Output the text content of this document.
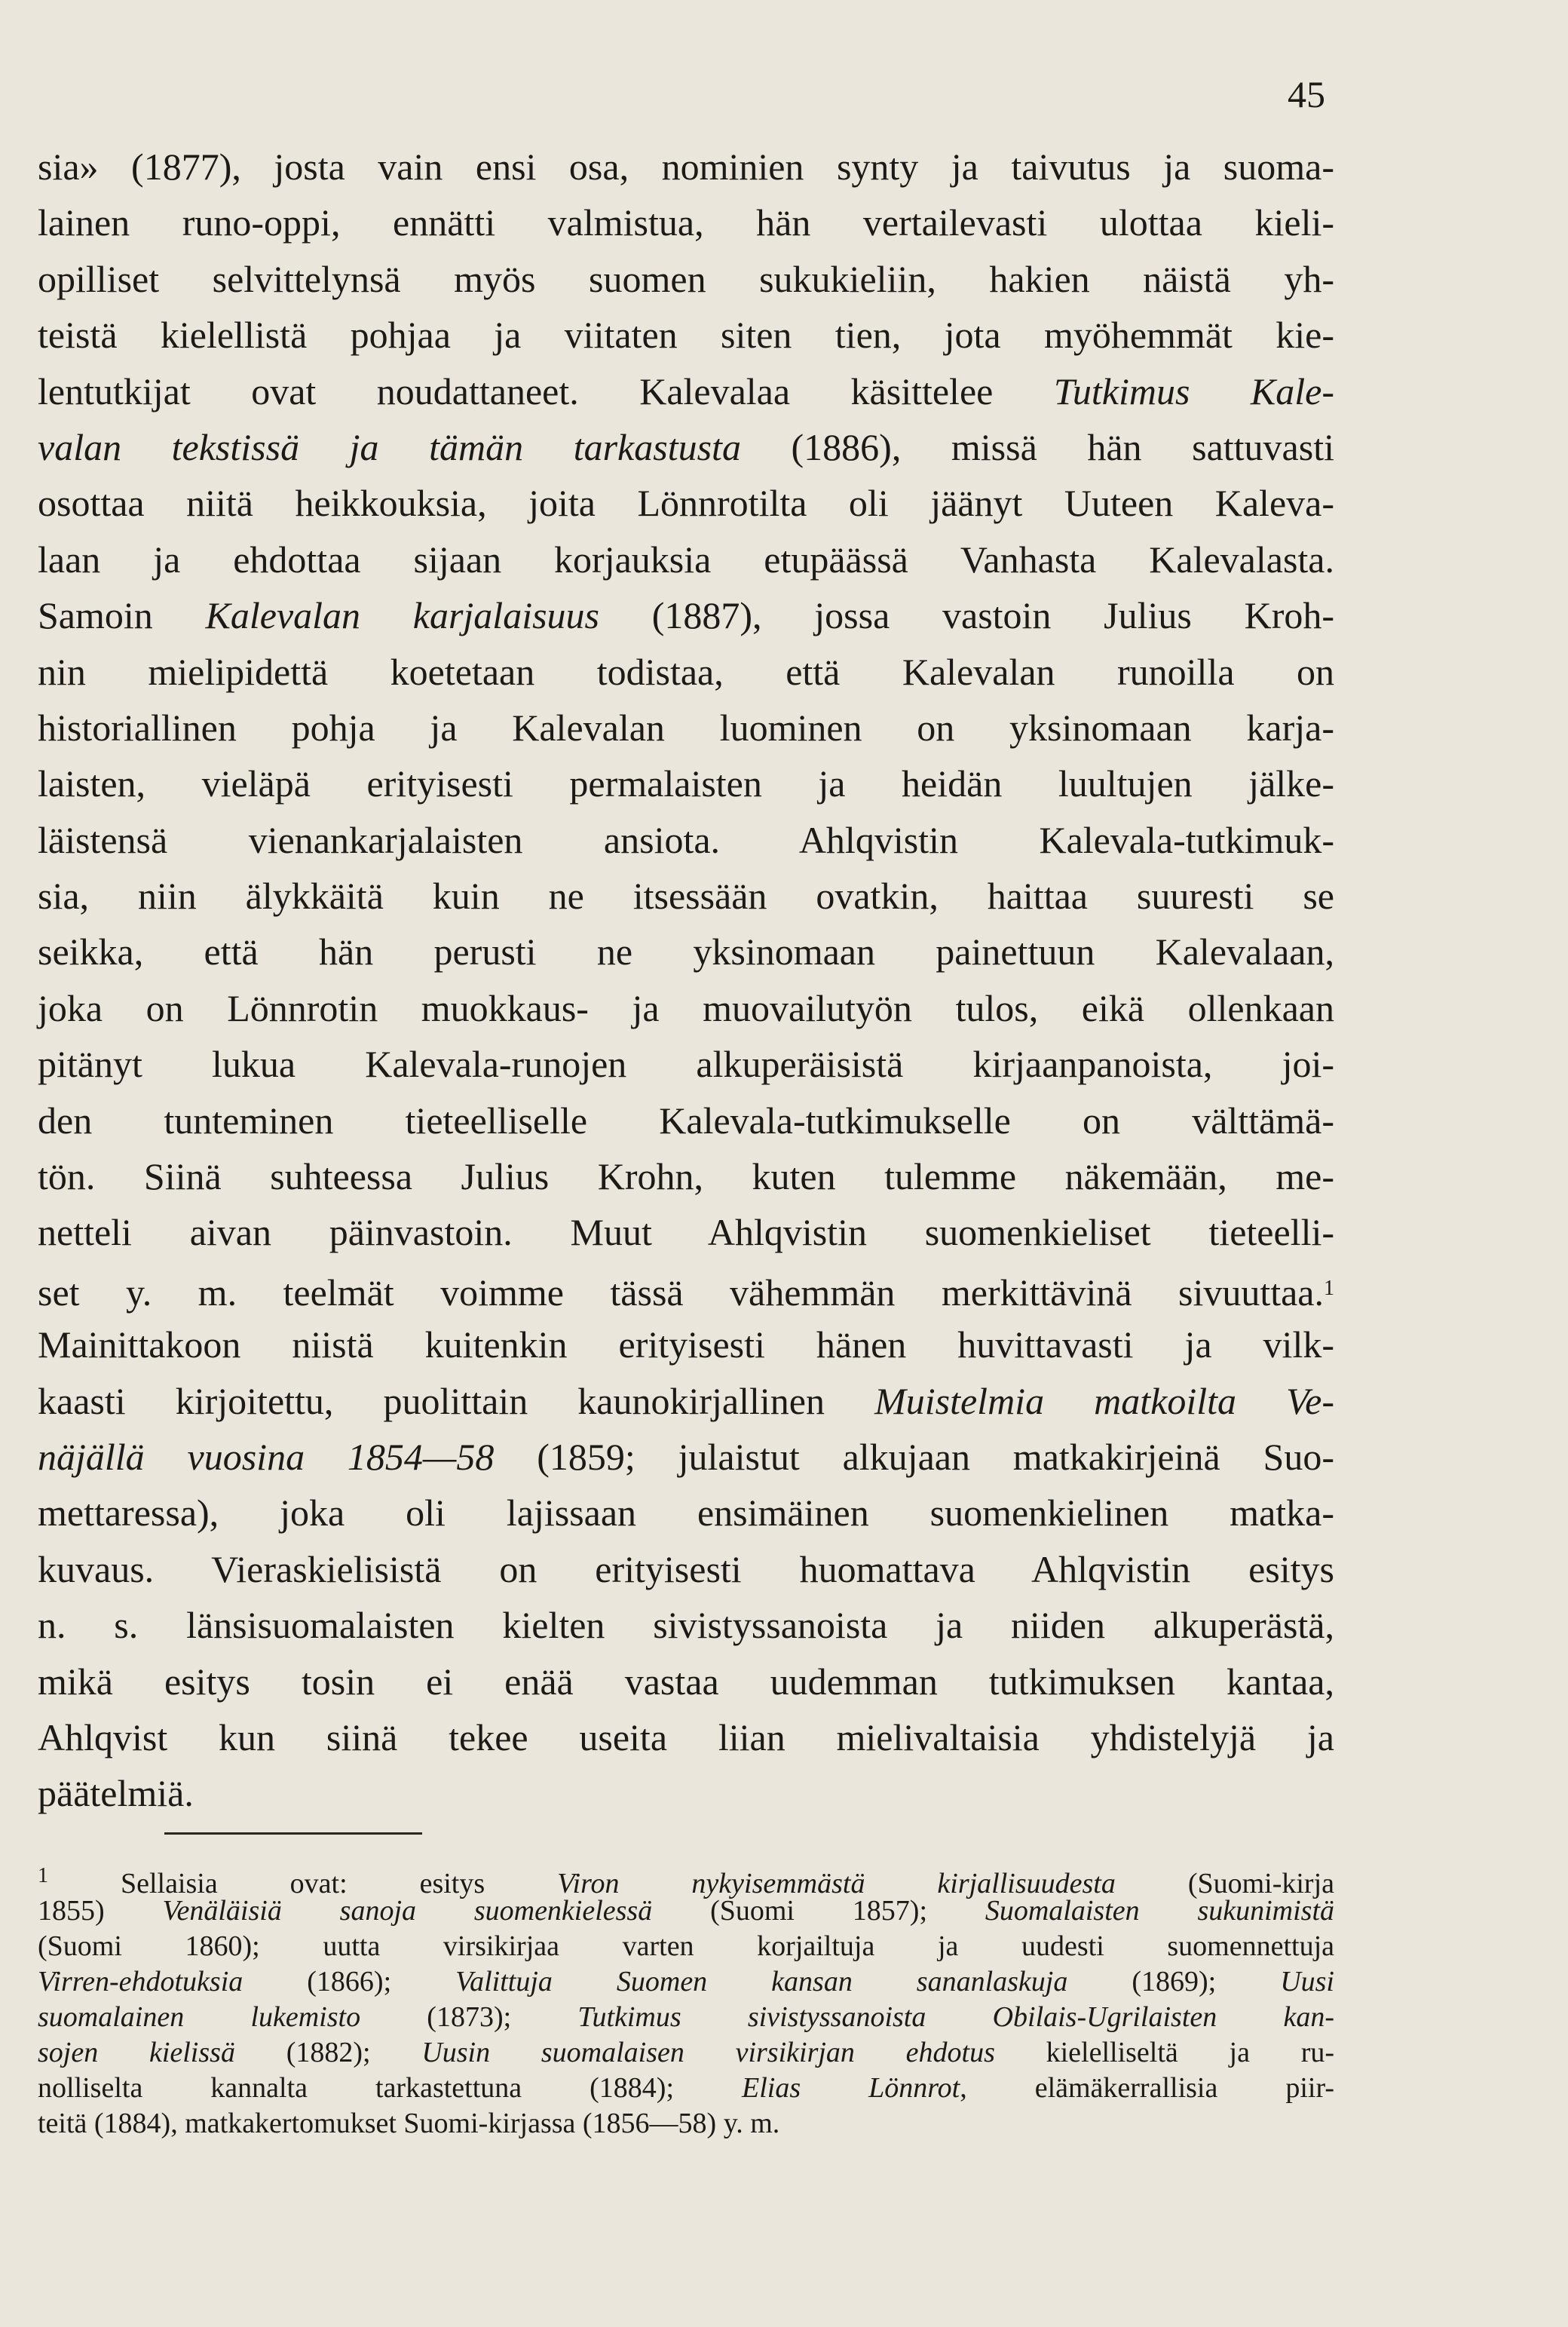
45
sia» (1877), josta vain ensi osa, nominien synty ja taivutus ja suoma-
lainen runo-oppi, ennätti valmistua, hän vertailevasti ulottaa kieli-
opilliset selvittelynsä myös suomen sukukieliin, hakien näistä yh-
teistä kielellistä pohjaa ja viitaten siten tien, jota myöhemmät kie-
lentutkijat ovat noudattaneet. Kalevalaa käsittelee Tutkimus Kale-
valan tekstissä ja tämän tarkastusta (1886), missä hän sattuvasti
osottaa niitä heikkouksia, joita Lönnrotilta oli jäänyt Uuteen Kaleva-
laan ja ehdottaa sijaan korjauksia etupäässä Vanhasta Kalevalasta.
Samoin Kalevalan karjalaisuus (1887), jossa vastoin Julius Kroh-
nin mielipidettä koetetaan todistaa, että Kalevalan runoilla on
historiallinen pohja ja Kalevalan luominen on yksinomaan karja-
laisten, vieläpä erityisesti permalaisten ja heidän luultujen jälke-
läistensä vienankarjalaisten ansiota. Ahlqvistin Kalevala-tutkimuk-
sia, niin älykkäitä kuin ne itsessään ovatkin, haittaa suuresti se
seikka, että hän perusti ne yksinomaan painettuun Kalevalaan,
joka on Lönnrotin muokkaus- ja muovailutyön tulos, eikä ollenkaan
pitänyt lukua Kalevala-runojen alkuperäisistä kirjaanpanoista, joi-
den tunteminen tieteelliselle Kalevala-tutkimukselle on välttämä-
tön. Siinä suhteessa Julius Krohn, kuten tulemme näkemään, me-
netteli aivan päinvastoin. Muut Ahlqvistin suomenkieliset tieteelli-
set y. m. teelmät voimme tässä vähemmän merkittävinä sivuuttaa.$^1$
Mainittakoon niistä kuitenkin erityisesti hänen huvittavasti ja vilk-
kaasti kirjoitettu, puolittain kaunokirjallinen Muistelmia matkoilta Ve-
näjällä vuosina 1854—58 (1859; julaistut alkujaan matkakirjeinä Suo-
mettaressa), joka oli lajissaan ensimäinen suomenkielinen matka-
kuvaus. Vieraskielisistä on erityisesti huomattava Ahlqvistin esitys
n. s. länsisuomalaisten kielten sivistyssanoista ja niiden alkuperästä,
mikä esitys tosin ei enää vastaa uudemman tutkimuksen kantaa,
Ahlqvist kun siinä tekee useita liian mielivaltaisia yhdistelyjä ja
päätelmiä.
$^1$ Sellaisia ovat: esitys Viron nykyisemmästä kirjallisuudesta (Suomi-kirja
1855) Venäläisiä sanoja suomenkielessä (Suomi 1857); Suomalaisten sukunimistä
(Suomi 1860); uutta virsikirjaa varten korjailtuja ja uudesti suomennettuja
Virren-ehdotuksia (1866); Valittuja Suomen kansan sananlaskuja (1869); Uusi
suomalainen lukemisto (1873); Tutkimus sivistyssanoista Obilais-Ugrilaisten kan-
sojen kielissä (1882); Uusin suomalaisen virsikirjan ehdotus kielelliseltä ja ru-
nolliselta kannalta tarkastettuna (1884); Elias Lönnrot, elämäkerrallisia piir-
teitä (1884), matkakertomukset Suomi-kirjassa (1856—58) y. m.
